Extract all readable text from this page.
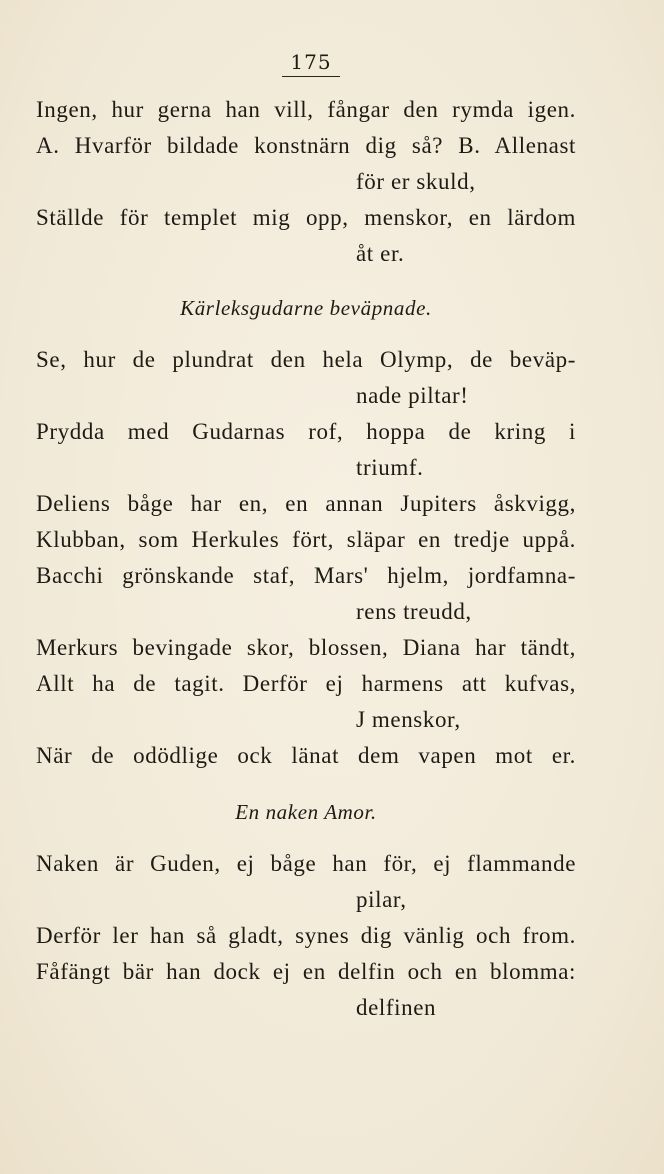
175
Ingen, hur gerna han vill, fångar den rymda igen.
A. Hvarför bildade konstnärn dig så? B. Allenast
för er skuld,
Ställde för templet mig opp, menskor, en lärdom
åt er.
Kärleksgudarne beväpnade.
Se, hur de plundrat den hela Olymp, de beväp-
nade piltar!
Prydda med Gudarnas rof, hoppa de kring i
triumf.
Deliens båge har en, en annan Jupiters åskvigg,
Klubban, som Herkules fört, släpar en tredje uppå.
Bacchi grönskande staf, Mars' hjelm, jordfamna-
rens treudd,
Merkurs bevingade skor, blossen, Diana har tändt,
Allt ha de tagit. Derför ej harmens att kufvas,
J menskor,
När de odödlige ock länat dem vapen mot er.
En naken Amor.
Naken är Guden, ej båge han för, ej flammande
pilar,
Derför ler han så gladt, synes dig vänlig och from.
Fåfängt bär han dock ej en delfin och en blomma:
delfinen
